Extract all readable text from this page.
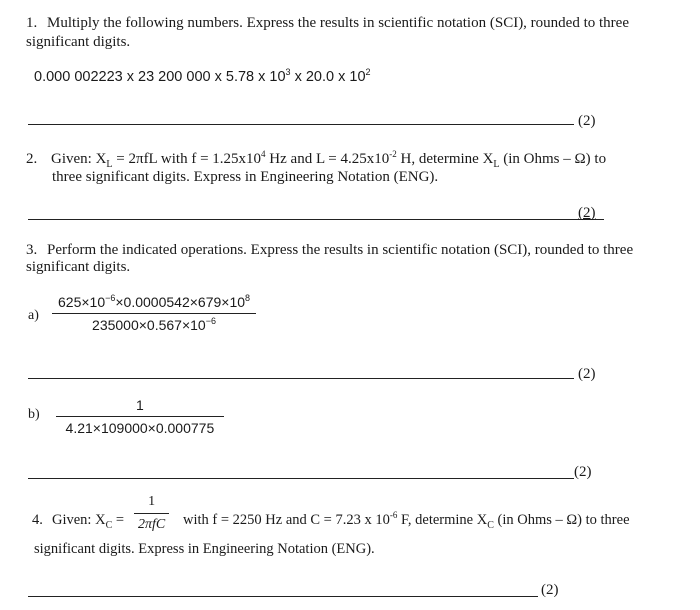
1. Multiply the following numbers. Express the results in scientific notation (SCI), rounded to three
significant digits.
0.000 002223 x 23 200 000 x 5.78 x $10^3$ x 20.0 x $10^2$
(2)
2. Given: $X_L = 2\pi fL$ with $f = 1.25x10^4$ Hz and $L = 4.25x10^{-2}$ H, determine $X_L$ (in Ohms – Ω) to
three significant digits. Express in Engineering Notation (ENG).
(2)
3. Perform the indicated operations. Express the results in scientific notation (SCI), rounded to three
significant digits.
$a) \frac{625\times 10^{-6}\times 0.0000542\times 679\times 10^8}{235000\times 0.567\times 10^{-6}}$
(2)
$b) \frac{1}{4.21\times 109000\times 0.000775}$
(2)
4. Given: $X_C$ =
1
2πfC	with f = 2250 Hz and C = 7.23 x $10^{-6}$ F, determine $X_C$ (in Ohms – Ω) to three
significant digits. Express in Engineering Notation (ENG).
(2)
